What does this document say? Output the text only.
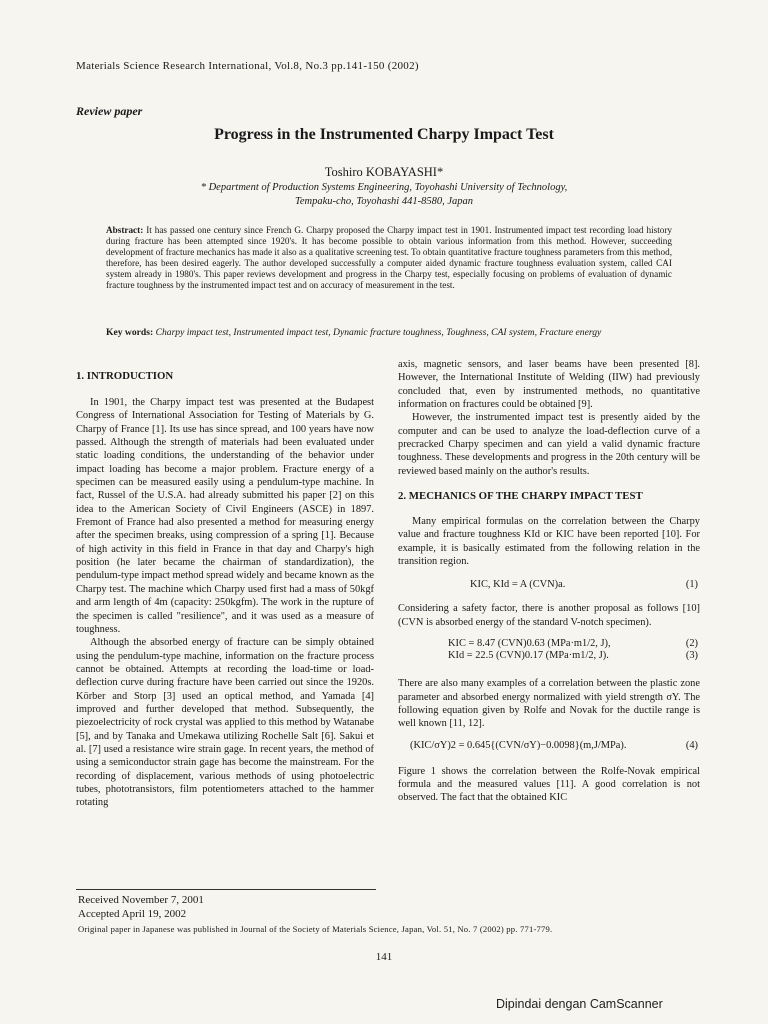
Materials Science Research International, Vol.8, No.3 pp.141-150 (2002)
Review paper
Progress in the Instrumented Charpy Impact Test
Toshiro KOBAYASHI*
* Department of Production Systems Engineering, Toyohashi University of Technology,
Tempaku-cho, Toyohashi 441-8580, Japan
Abstract: It has passed one century since French G. Charpy proposed the Charpy impact test in 1901. Instrumented impact test recording load history during fracture has been attempted since 1920's. It has become possible to obtain various information from this method. However, succeeding development of fracture mechanics has made it also as a qualitative screening test. To obtain quantitative fracture toughness parameters from this method, therefore, has been desired eagerly. The author developed successfully a computer aided dynamic fracture toughness evaluation system, called CAI system already in 1980's. This paper reviews development and progress in the Charpy test, especially focusing on problems of evaluation of dynamic fracture toughness by the instrumented impact test and on accuracy of measurement in the test.
Key words: Charpy impact test, Instrumented impact test, Dynamic fracture toughness, Toughness, CAI system, Fracture energy
1. INTRODUCTION

In 1901, the Charpy impact test was presented at the Budapest Congress of International Association for Testing of Materials by G. Charpy of France [1]. Its use has since spread, and 100 years have now passed. Although the strength of materials had been evaluated under static loading conditions, the understanding of the behavior under impact loading has become a major problem. Fracture energy of a specimen can be measured easily using a pendulum-type machine. In fact, Russel of the U.S.A. had already submitted his paper [2] on this idea to the American Society of Civil Engineers (ASCE) in 1897. Fremont of France had also presented a method for measuring energy after the specimen breaks, using compression of a spring [1]. Because of high activity in this field in France in that day and Charpy's high position (he later became the chairman of standardization), the pendulum-type impact method spread widely and became known as the Charpy test. The machine which Charpy used first had a mass of 50kgf and arm length of 4m (capacity: 250kgfm). The work in the rupture of the specimen is called "resilience", and it was used as a measure of toughness.

Although the absorbed energy of fracture can be simply obtained using the pendulum-type machine, information on the fracture process cannot be obtained. Attempts at recording the load-time or load-deflection curve during fracture have been carried out since the 1920s. Körber and Storp [3] used an optical method, and Yamada [4] improved and further developed that method. Subsequently, the piezoelectricity of rock crystal was applied to this method by Watanabe [5], and by Tanaka and Umekawa utilizing Rochelle Salt [6]. Sakui et al. [7] used a resistance wire strain gage. In recent years, the method of using a semiconductor strain gage has become the mainstream. For the recording of displacement, various methods of using photoelectric tubes, phototransistors, film potentiometers attached to the hammer rotating

axis, magnetic sensors, and laser beams have been presented [8]. However, the International Institute of Welding (IIW) had previously concluded that, even by instrumented methods, no quantitative information on fractures could be obtained [9].

However, the instrumented impact test is presently aided by the computer and can be used to analyze the load-deflection curve of a precracked Charpy specimen and can yield a valid dynamic fracture toughness. These developments and progress in the 20th century will be reviewed based mainly on the author's results.

2. MECHANICS OF THE CHARPY IMPACT TEST

Many empirical formulas on the correlation between the Charpy value and fracture toughness KId or KIC have been reported [10]. For example, it is basically estimated from the following relation in the transition region.

KIC, KId = A (CVN)a.	(1)

Considering a safety factor, there is another proposal as follows [10] (CVN is absorbed energy of the standard V-notch specimen).

KIC = 8.47 (CVN)0.63 (MPa·m1/2, J),	(2)
KId = 22.5 (CVN)0.17 (MPa·m1/2, J).	(3)

There are also many examples of a correlation between the plastic zone parameter and absorbed energy normalized with yield strength σY. The following equation given by Rolfe and Novak for the ductile range is well known [11, 12].

(KIC/σY)2 = 0.645{(CVN/σY)−0.0098}(m,J/MPa).	(4)

Figure 1 shows the correlation between the Rolfe-Novak empirical formula and the measured values [11]. A good correlation is not observed. The fact that the obtained KIC

Received November 7, 2001
Accepted April 19, 2002
Original paper in Japanese was published in Journal of the Society of Materials Science, Japan, Vol. 51, No. 7 (2002) pp. 771-779.
141
Dipindai dengan CamScanner
